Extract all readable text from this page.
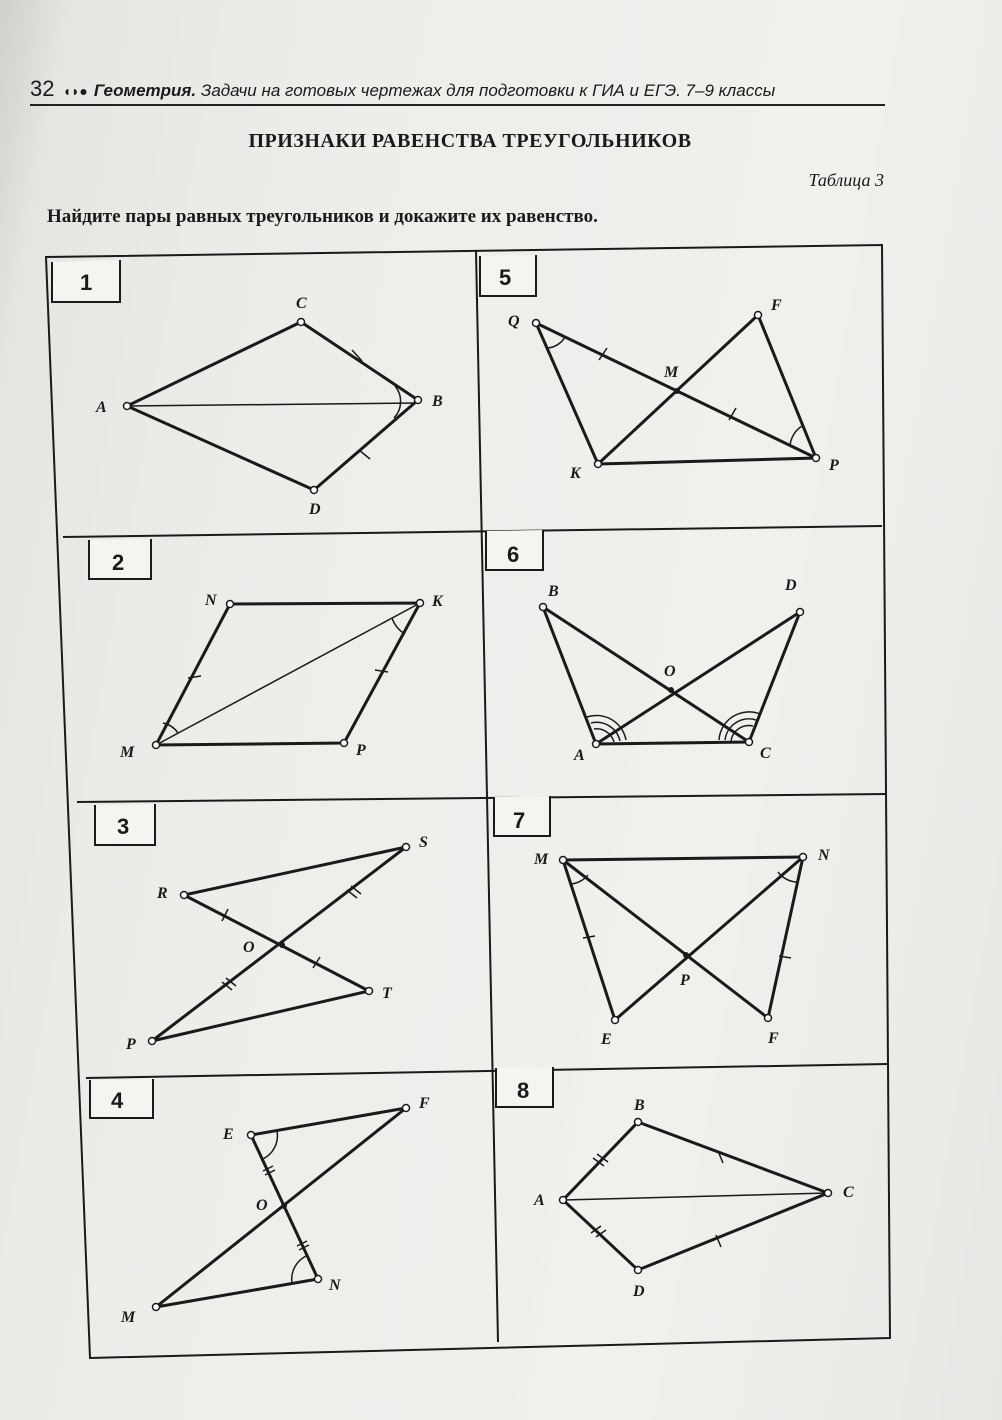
32 ◖◗● Геометрия. Задачи на готовых чертежах для подготовки к ГИА и ЕГЭ. 7–9 классы
ПРИЗНАКИ РАВЕНСТВА ТРЕУГОЛЬНИКОВ
Таблица 3
Найдите пары равных треугольников и докажите их равенство.
1	5
2	6
3	7
4	8
C
A	B
D
Q
F
M
K	P
N	K
M	P
B	D
O
A	C
S
R
O
T
P
M	N
P
E	F
F
E
O
N
M
B
A	C
D
